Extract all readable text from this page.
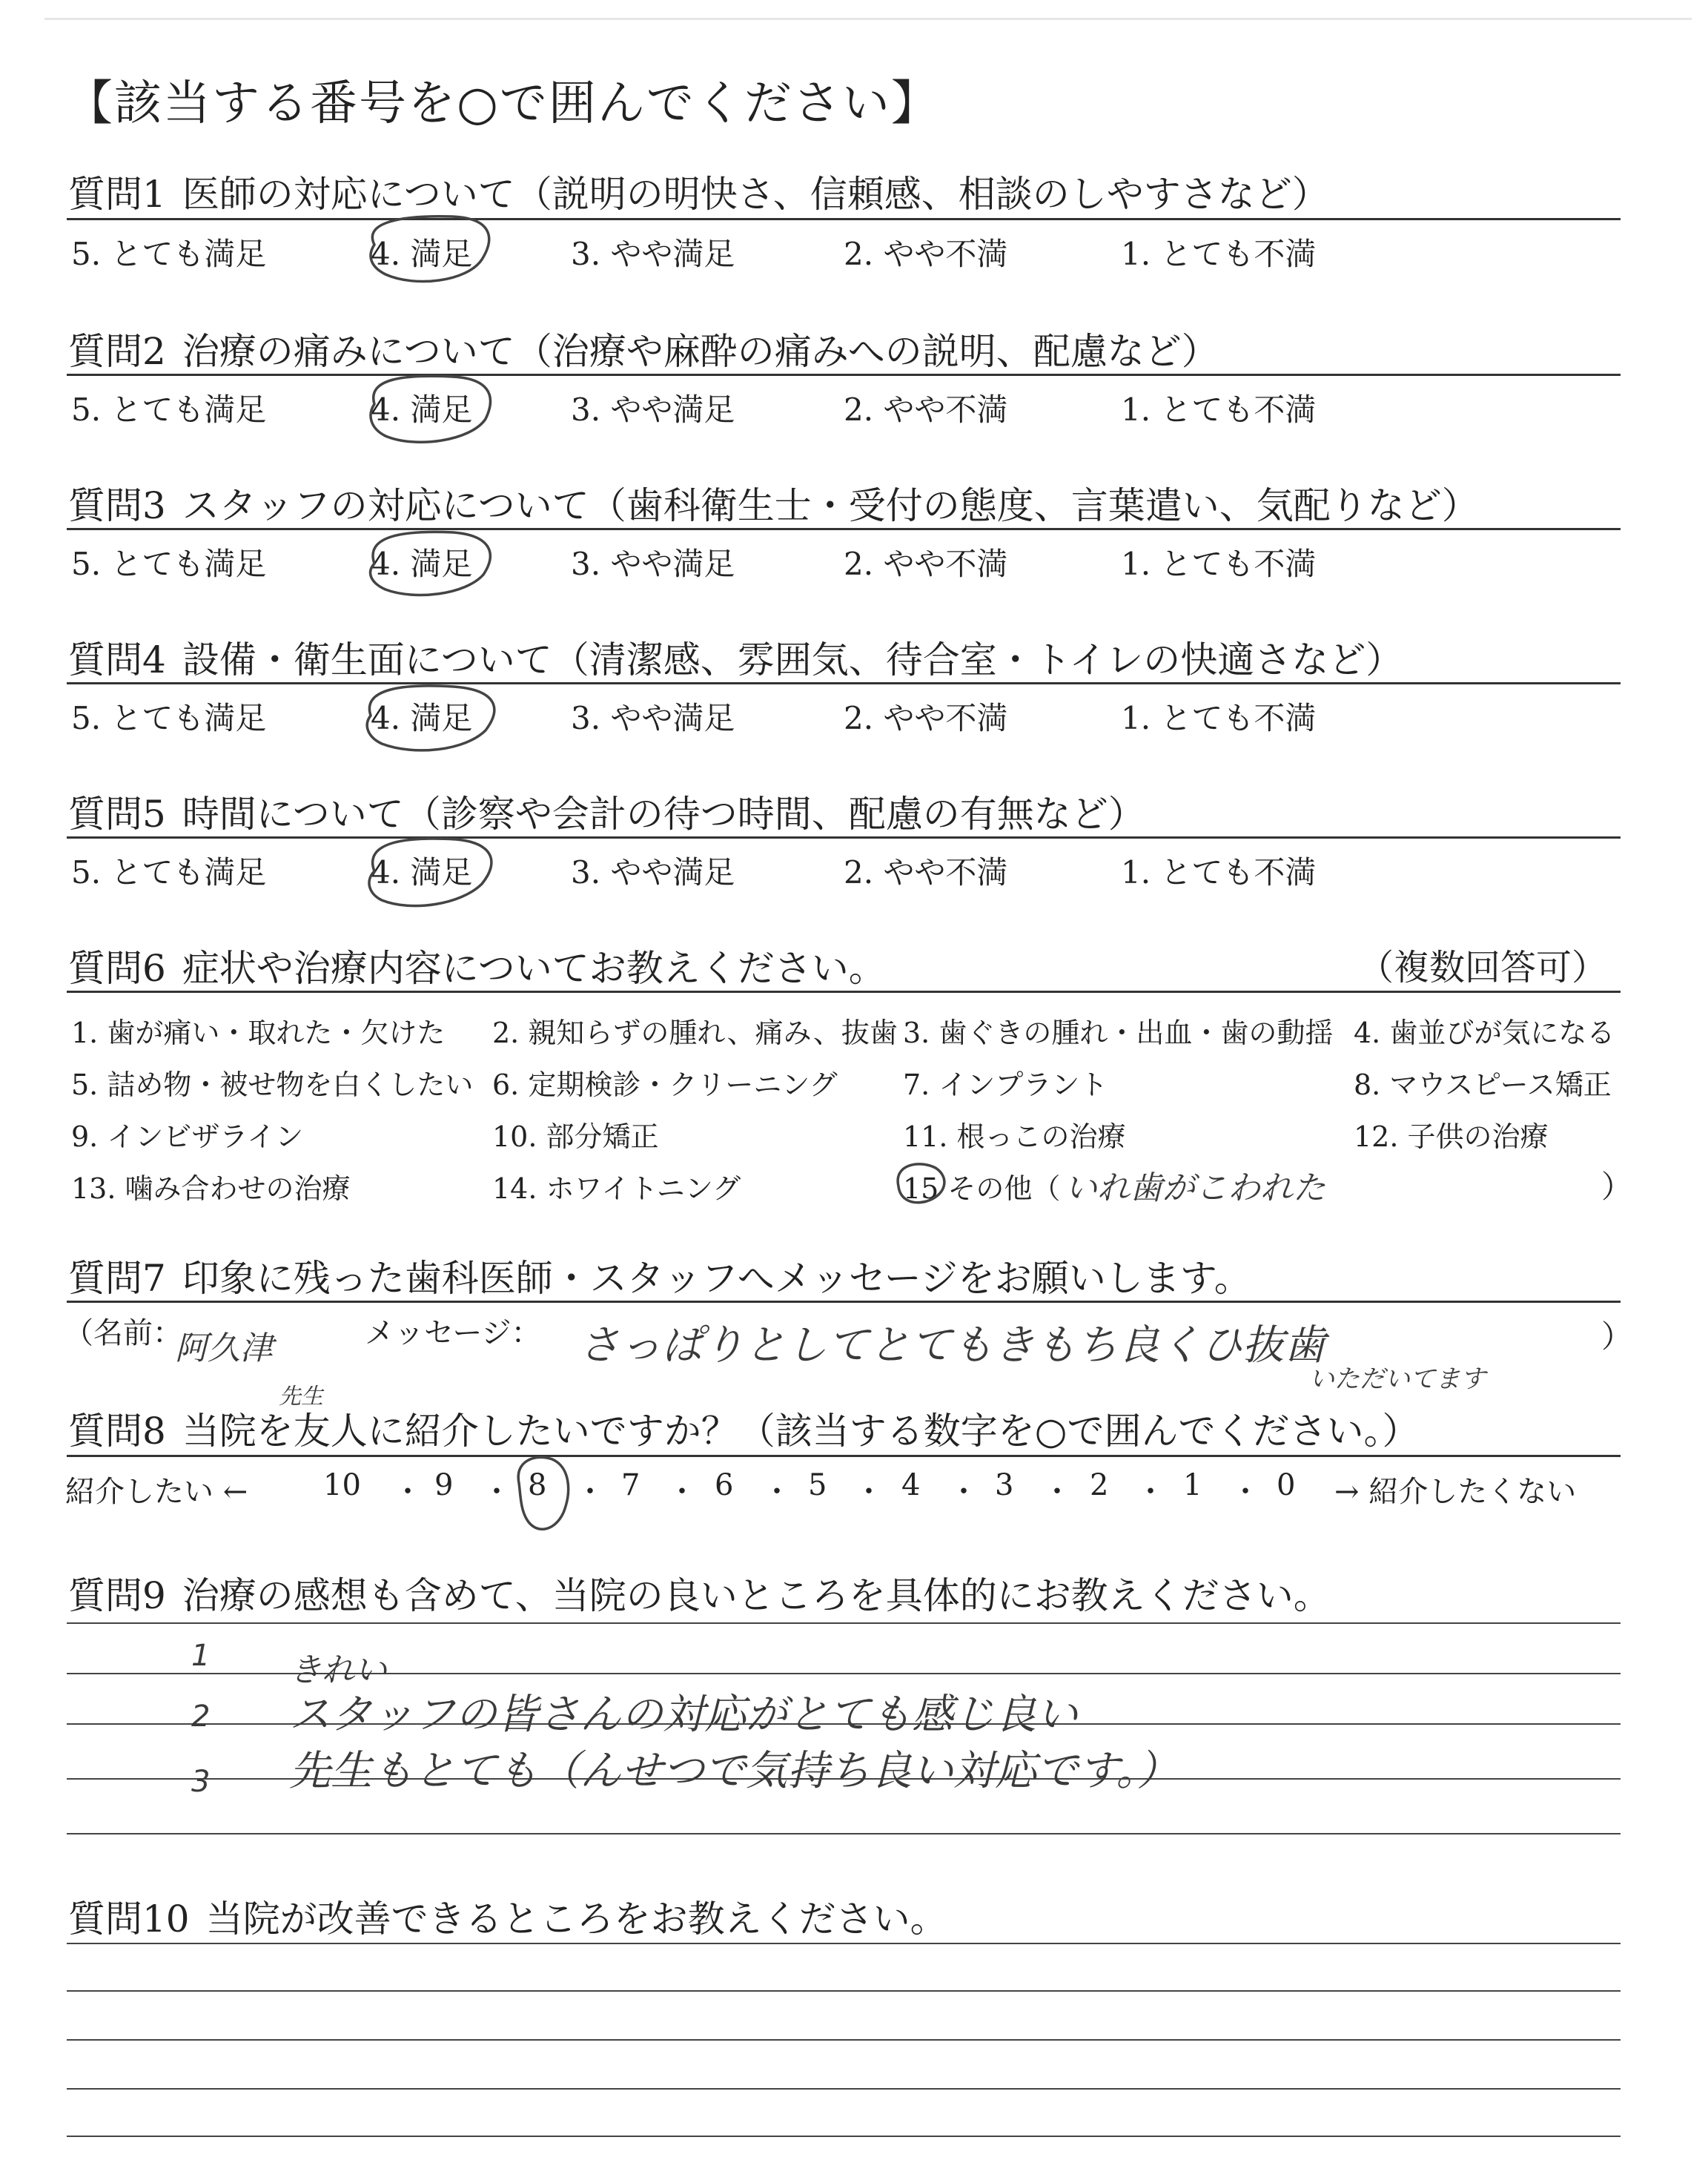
【該当する番号を○で囲んでください】
質問1 医師の対応について（説明の明快さ、信頼感、相談のしやすさなど）
5. とても満足	4. 満足	3. やや満足	2. やや不満	1. とても不満
質問2 治療の痛みについて（治療や麻酔の痛みへの説明、配慮など）
5. とても満足	4. 満足	3. やや満足	2. やや不満	1. とても不満
質問3 スタッフの対応について（歯科衛生士・受付の態度、言葉遣い、気配りなど）
5. とても満足	4. 満足	3. やや満足	2. やや不満	1. とても不満
質問4 設備・衛生面について（清潔感、雰囲気、待合室・トイレの快適さなど）
5. とても満足	4. 満足	3. やや満足	2. やや不満	1. とても不満
質問5 時間について（診察や会計の待つ時間、配慮の有無など）
5. とても満足	4. 満足	3. やや満足	2. やや不満	1. とても不満
質問6 症状や治療内容についてお教えください。	（複数回答可）
1. 歯が痛い・取れた・欠けた 2. 親知らずの腫れ、痛み、抜歯 3. 歯ぐきの腫れ・出血・歯の動揺 4. 歯並びが気になる
5. 詰め物・被せ物を白くしたい 6. 定期検診・クリーニング 7. インプラント	8. マウスピース矯正
9. インビザライン	10. 部分矯正	11. 根っこの治療	12. 子供の治療
13. 噛み合わせの治療	14. ホワイトニング	15 その他（ いれ歯がこわれた	）
質問7 印象に残った歯科医師・スタッフへメッセージをお願いします。
（名前：
阿久津
先生
メッセージ： さっぱりとしてとてもきもち良くひ抜歯
いただいてます
）
質問8 当院を友人に紹介したいですか？（該当する数字を○で囲んでください。）
紹介したい ←	10 ・ 9 ・ 8 ・ 7 ・ 6 ・ 5 ・ 4 ・ 3 ・ 2 ・ 1 ・ 0 → 紹介したくない
質問9 治療の感想も含めて、当院の良いところを具体的にお教えください。
1 きれい
2 スタッフの皆さんの対応がとても感じ良い
3 先生もとても（んせつで気持ち良い対応です。）
質問10 当院が改善できるところをお教えください。
